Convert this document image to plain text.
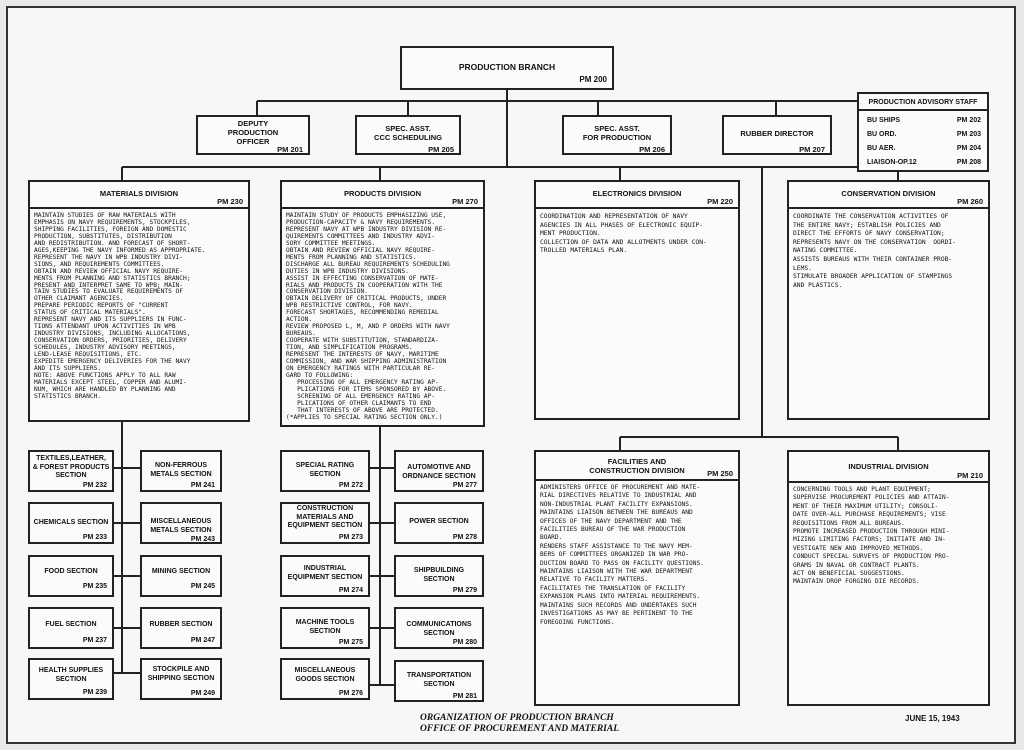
PRODUCTION BRANCH
PM 200
DEPUTY
PRODUCTION
OFFICER
PM 201
SPEC. ASST.
CCC SCHEDULING
PM 205
SPEC. ASST.
FOR PRODUCTION
PM 206
RUBBER DIRECTOR
PM 207
PRODUCTION ADVISORY STAFF
BU SHIPS	PM 202
BU ORD.	PM 203
BU AER.	PM 204
LIAISON-OP.12	PM 208
MATERIALS DIVISION
PM 230
MAINTAIN STUDIES OF RAW MATERIALS WITH
EMPHASIS ON NAVY REQUIREMENTS, STOCKPILES,
SHIPPING FACILITIES, FOREIGN AND DOMESTIC
PRODUCTION, SUBSTITUTES, DISTRIBUTION
AND REDISTRIBUTION. AND FORECAST OF SHORT-
AGES,KEEPING THE NAVY INFORMED AS APPROPRIATE.
REPRESENT THE NAVY IN WPB INDUSTRY DIVI-
SIONS, AND REQUIREMENTS COMMITTEES.
OBTAIN AND REVIEW OFFICIAL NAVY REQUIRE-
MENTS FROM PLANNING AND STATISTICS BRANCH;
PRESENT AND INTERPRET SAME TO WPB; MAIN-
TAIN STUDIES TO EVALUATE REQUIREMENTS OF
OTHER CLAIMANT AGENCIES.
PREPARE PERIODIC REPORTS OF "CURRENT
STATUS OF CRITICAL MATERIALS".
REPRESENT NAVY AND ITS SUPPLIERS IN FUNC-
TIONS ATTENDANT UPON ACTIVITIES IN WPB
INDUSTRY DIVISIONS, INCLUDING ALLOCATIONS,
CONSERVATION ORDERS, PRIORITIES, DELIVERY
SCHEDULES, INDUSTRY ADVISORY MEETINGS,
LEND-LEASE REQUISITIONS, ETC.
EXPEDITE EMERGENCY DELIVERIES FOR THE NAVY
AND ITS SUPPLIERS.
NOTE: ABOVE FUNCTIONS APPLY TO ALL RAW
MATERIALS EXCEPT STEEL, COPPER AND ALUMI-
NUM, WHICH ARE HANDLED BY PLANNING AND
STATISTICS BRANCH.
PRODUCTS DIVISION
PM 270
MAINTAIN STUDY OF PRODUCTS EMPHASIZING USE,
PRODUCTION-CAPACITY & NAVY REQUIREMENTS.
REPRESENT NAVY AT WPB INDUSTRY DIVISION RE-
QUIREMENTS COMMITTEES AND INDUSTRY ADVI-
SORY COMMITTEE MEETINGS.
OBTAIN AND REVIEW OFFICIAL NAVY REQUIRE-
MENTS FROM PLANNING AND STATISTICS.
DISCHARGE ALL BUREAU REQUIREMENTS SCHEDULING
DUTIES IN WPB INDUSTRY DIVISIONS.
ASSIST IN EFFECTING CONSERVATION OF MATE-
RIALS AND PRODUCTS IN COOPERATION WITH THE
CONSERVATION DIVISION.
OBTAIN DELIVERY OF CRITICAL PRODUCTS, UNDER
WPB RESTRICTIVE CONTROL, FOR NAVY.
FORECAST SHORTAGES, RECOMMENDING REMEDIAL
ACTION.
REVIEW PROPOSED L, M, AND P ORDERS WITH NAVY
BUREAUS.
COOPERATE WITH SUBSTITUTION, STANDARDIZA-
TION, AND SIMPLIFICATION PROGRAMS.
REPRESENT THE INTERESTS OF NAVY, MARITIME
COMMISSION, AND WAR SHIPPING ADMINISTRATION
ON EMERGENCY RATINGS WITH PARTICULAR RE-
GARD TO FOLLOWING:
PROCESSING OF ALL EMERGENCY RATING AP-
PLICATIONS FOR ITEMS SPONSORED BY ABOVE.
SCREENING OF ALL EMERGENCY RATING AP-
PLICATIONS OF OTHER CLAIMANTS TO END
THAT INTERESTS OF ABOVE ARE PROTECTED.
(*APPLIES TO SPECIAL RATING SECTION ONLY.)
ELECTRONICS DIVISION
PM 220
COORDINATION AND REPRESENTATION OF NAVY
AGENCIES IN ALL PHASES OF ELECTRONIC EQUIP-
MENT PRODUCTION.
COLLECTION OF DATA AND ALLOTMENTS UNDER CON-
TROLLED MATERIALS PLAN.
CONSERVATION DIVISION
PM 260
COORDINATE THE CONSERVATION ACTIVITIES OF
THE ENTIRE NAVY; ESTABLISH POLICIES AND
DIRECT THE EFFORTS OF NAVY CONSERVATION;
REPRESENTS NAVY ON THE CONSERVATION  OORDI-
NATING COMMITTEE.
ASSISTS BUREAUS WITH THEIR CONTAINER PROB-
LEMS.
STIMULATE BROADER APPLICATION OF STAMPINGS
AND PLASTICS.
FACILITIES AND
CONSTRUCTION DIVISION	PM 250
ADMINISTERS OFFICE OF PROCUREMENT AND MATE-
RIAL DIRECTIVES RELATIVE TO INDUSTRIAL AND
NON-INDUSTRIAL PLANT FACILITY EXPANSIONS.
MAINTAINS LIAISON BETWEEN THE BUREAUS AND
OFFICES OF THE NAVY DEPARTMENT AND THE
FACILITIES BUREAU OF THE WAR PRODUCTION
BOARD.
RENDERS STAFF ASSISTANCE TO THE NAVY MEM-
BERS OF COMMITTEES ORGANIZED IN WAR PRO-
DUCTION BOARD TO PASS ON FACILITY QUESTIONS.
MAINTAINS LIAISON WITH THE WAR DEPARTMENT
RELATIVE TO FACILITY MATTERS.
FACILITATES THE TRANSLATION OF FACILITY
EXPANSION PLANS INTO MATERIAL REQUIREMENTS.
MAINTAINS SUCH RECORDS AND UNDERTAKES SUCH
INVESTIGATIONS AS MAY BE PERTINENT TO THE
FOREGOING FUNCTIONS.
INDUSTRIAL DIVISION
PM 210
CONCERNING TOOLS AND PLANT EQUIPMENT;
SUPERVISE PROCUREMENT POLICIES AND ATTAIN-
MENT OF THEIR MAXIMUM UTILITY; CONSOLI-
DATE OVER-ALL PURCHASE REQUIREMENTS; VISE
REQUISITIONS FROM ALL BUREAUS.
PROMOTE INCREASED PRODUCTION THROUGH MINI-
MIZING LIMITING FACTORS; INITIATE AND IN-
VESTIGATE NEW AND IMPROVED METHODS.
CONDUCT SPECIAL SURVEYS OF PRODUCTION PRO-
GRAMS IN NAVAL OR CONTRACT PLANTS.
ACT ON BENEFICIAL SUGGESTIONS.
MAINTAIN DROP FORGING DIE RECORDS.
TEXTILES,LEATHER,
& FOREST PRODUCTS
SECTION
PM 232
CHEMICALS SECTION
PM 233
FOOD SECTION
PM 235
FUEL SECTION
PM 237
HEALTH SUPPLIES
SECTION
PM 239
NON-FERROUS
METALS SECTION
PM 241
MISCELLANEOUS
METALS SECTION
PM 243
MINING SECTION
PM 245
RUBBER SECTION
PM 247
STOCKPILE AND
SHIPPING SECTION
PM 249
SPECIAL RATING
SECTION
PM 272
CONSTRUCTION
MATERIALS AND
EQUIPMENT SECTION
PM 273
INDUSTRIAL
EQUIPMENT SECTION
PM 274
MACHINE TOOLS
SECTION
PM 275
MISCELLANEOUS
GOODS SECTION
PM 276
AUTOMOTIVE AND
ORDNANCE SECTION
PM 277
POWER SECTION
PM 278
SHIPBUILDING
SECTION
PM 279
COMMUNICATIONS
SECTION
PM 280
TRANSPORTATION
SECTION
PM 281
ORGANIZATION OF PRODUCTION BRANCH
OFFICE OF PROCUREMENT AND MATERIAL
JUNE 15, 1943
